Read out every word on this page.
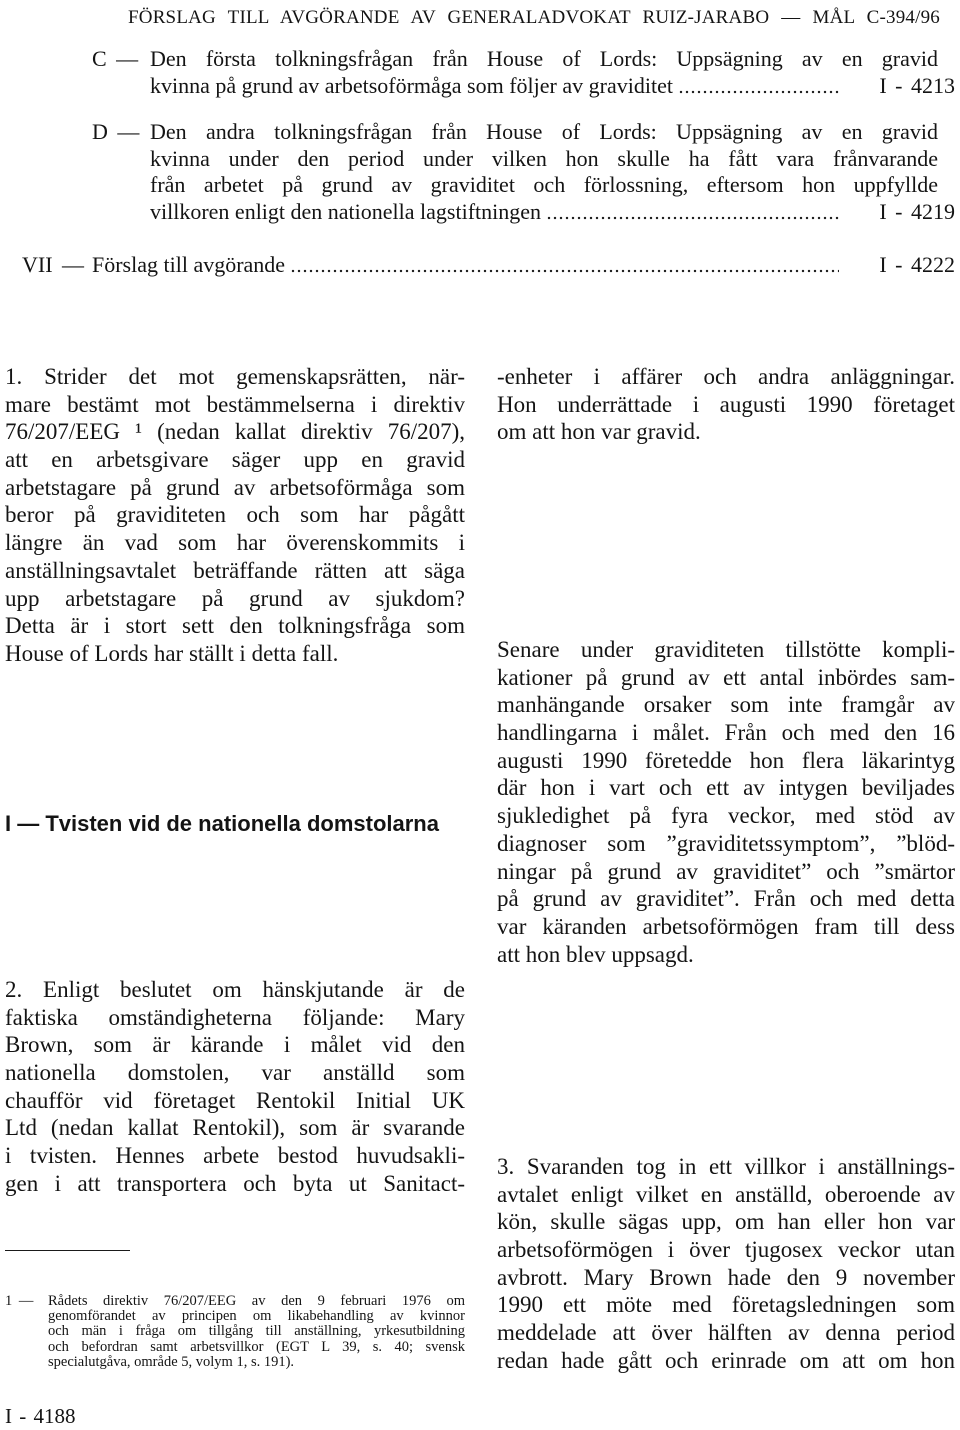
FÖRSLAG TILL AVGÖRANDE AV GENERALADVOKAT RUIZ-JARABO — MÅL C-394/96
C — Den första tolkningsfrågan från House of Lords: Uppsägning av en gravid
kvinna på grund av arbetsoförmåga som följer av graviditet	I - 4213
D — Den andra tolkningsfrågan från House of Lords: Uppsägning av en gravid
kvinna under den period under vilken hon skulle ha fått vara frånvarande
från arbetet på grund av graviditet och förlossning, eftersom hon uppfyllde
villkoren enligt den nationella lagstiftningen	I - 4219
VII — Förslag till avgörande	I - 4222
1. Strider det mot gemenskapsrätten, när-
mare bestämt mot bestämmelserna i direktiv
76/207/EEG ¹ (nedan kallat direktiv 76/207),
att en arbetsgivare säger upp en gravid
arbetstagare på grund av arbetsoförmåga som
beror på graviditeten och som har pågått
längre än vad som har överenskommits i
anställningsavtalet beträffande rätten att säga
upp arbetstagare på grund av sjukdom?
Detta är i stort sett den tolkningsfråga som
House of Lords har ställt i detta fall.
I — Tvisten vid de nationella domstolarna
2. Enligt beslutet om hänskjutande är de
faktiska omständigheterna följande: Mary
Brown, som är kärande i målet vid den
nationella domstolen, var anställd som
chaufför vid företaget Rentokil Initial UK
Ltd (nedan kallat Rentokil), som är svarande
i tvisten. Hennes arbete bestod huvudsakli-
gen i att transportera och byta ut Sanitact-
-enheter i affärer och andra anläggningar.
Hon underrättade i augusti 1990 företaget
om att hon var gravid.
Senare under graviditeten tillstötte kompli-
kationer på grund av ett antal inbördes sam-
manhängande orsaker som inte framgår av
handlingarna i målet. Från och med den 16
augusti 1990 företedde hon flera läkarintyg
där hon i vart och ett av intygen beviljades
sjukledighet på fyra veckor, med stöd av
diagnoser som ”graviditetssymptom”, ”blöd-
ningar på grund av graviditet” och ”smärtor
på grund av graviditet”. Från och med detta
var käranden arbetsoförmögen fram till dess
att hon blev uppsagd.
3. Svaranden tog in ett villkor i anställnings-
avtalet enligt vilket en anställd, oberoende av
kön, skulle sägas upp, om han eller hon var
arbetsoförmögen i över tjugosex veckor utan
avbrott. Mary Brown hade den 9 november
1990 ett möte med företagsledningen som
meddelade att över hälften av denna period
redan hade gått och erinrade om att om hon
1 —	Rådets direktiv 76/207/EEG av den 9 februari 1976 om
genomförandet av principen om likabehandling av kvinnor
och män i fråga om tillgång till anställning, yrkesutbildning
och befordran samt arbetsvillkor (EGT L 39, s. 40; svensk
specialutgåva, område 5, volym 1, s. 191).
I - 4188
